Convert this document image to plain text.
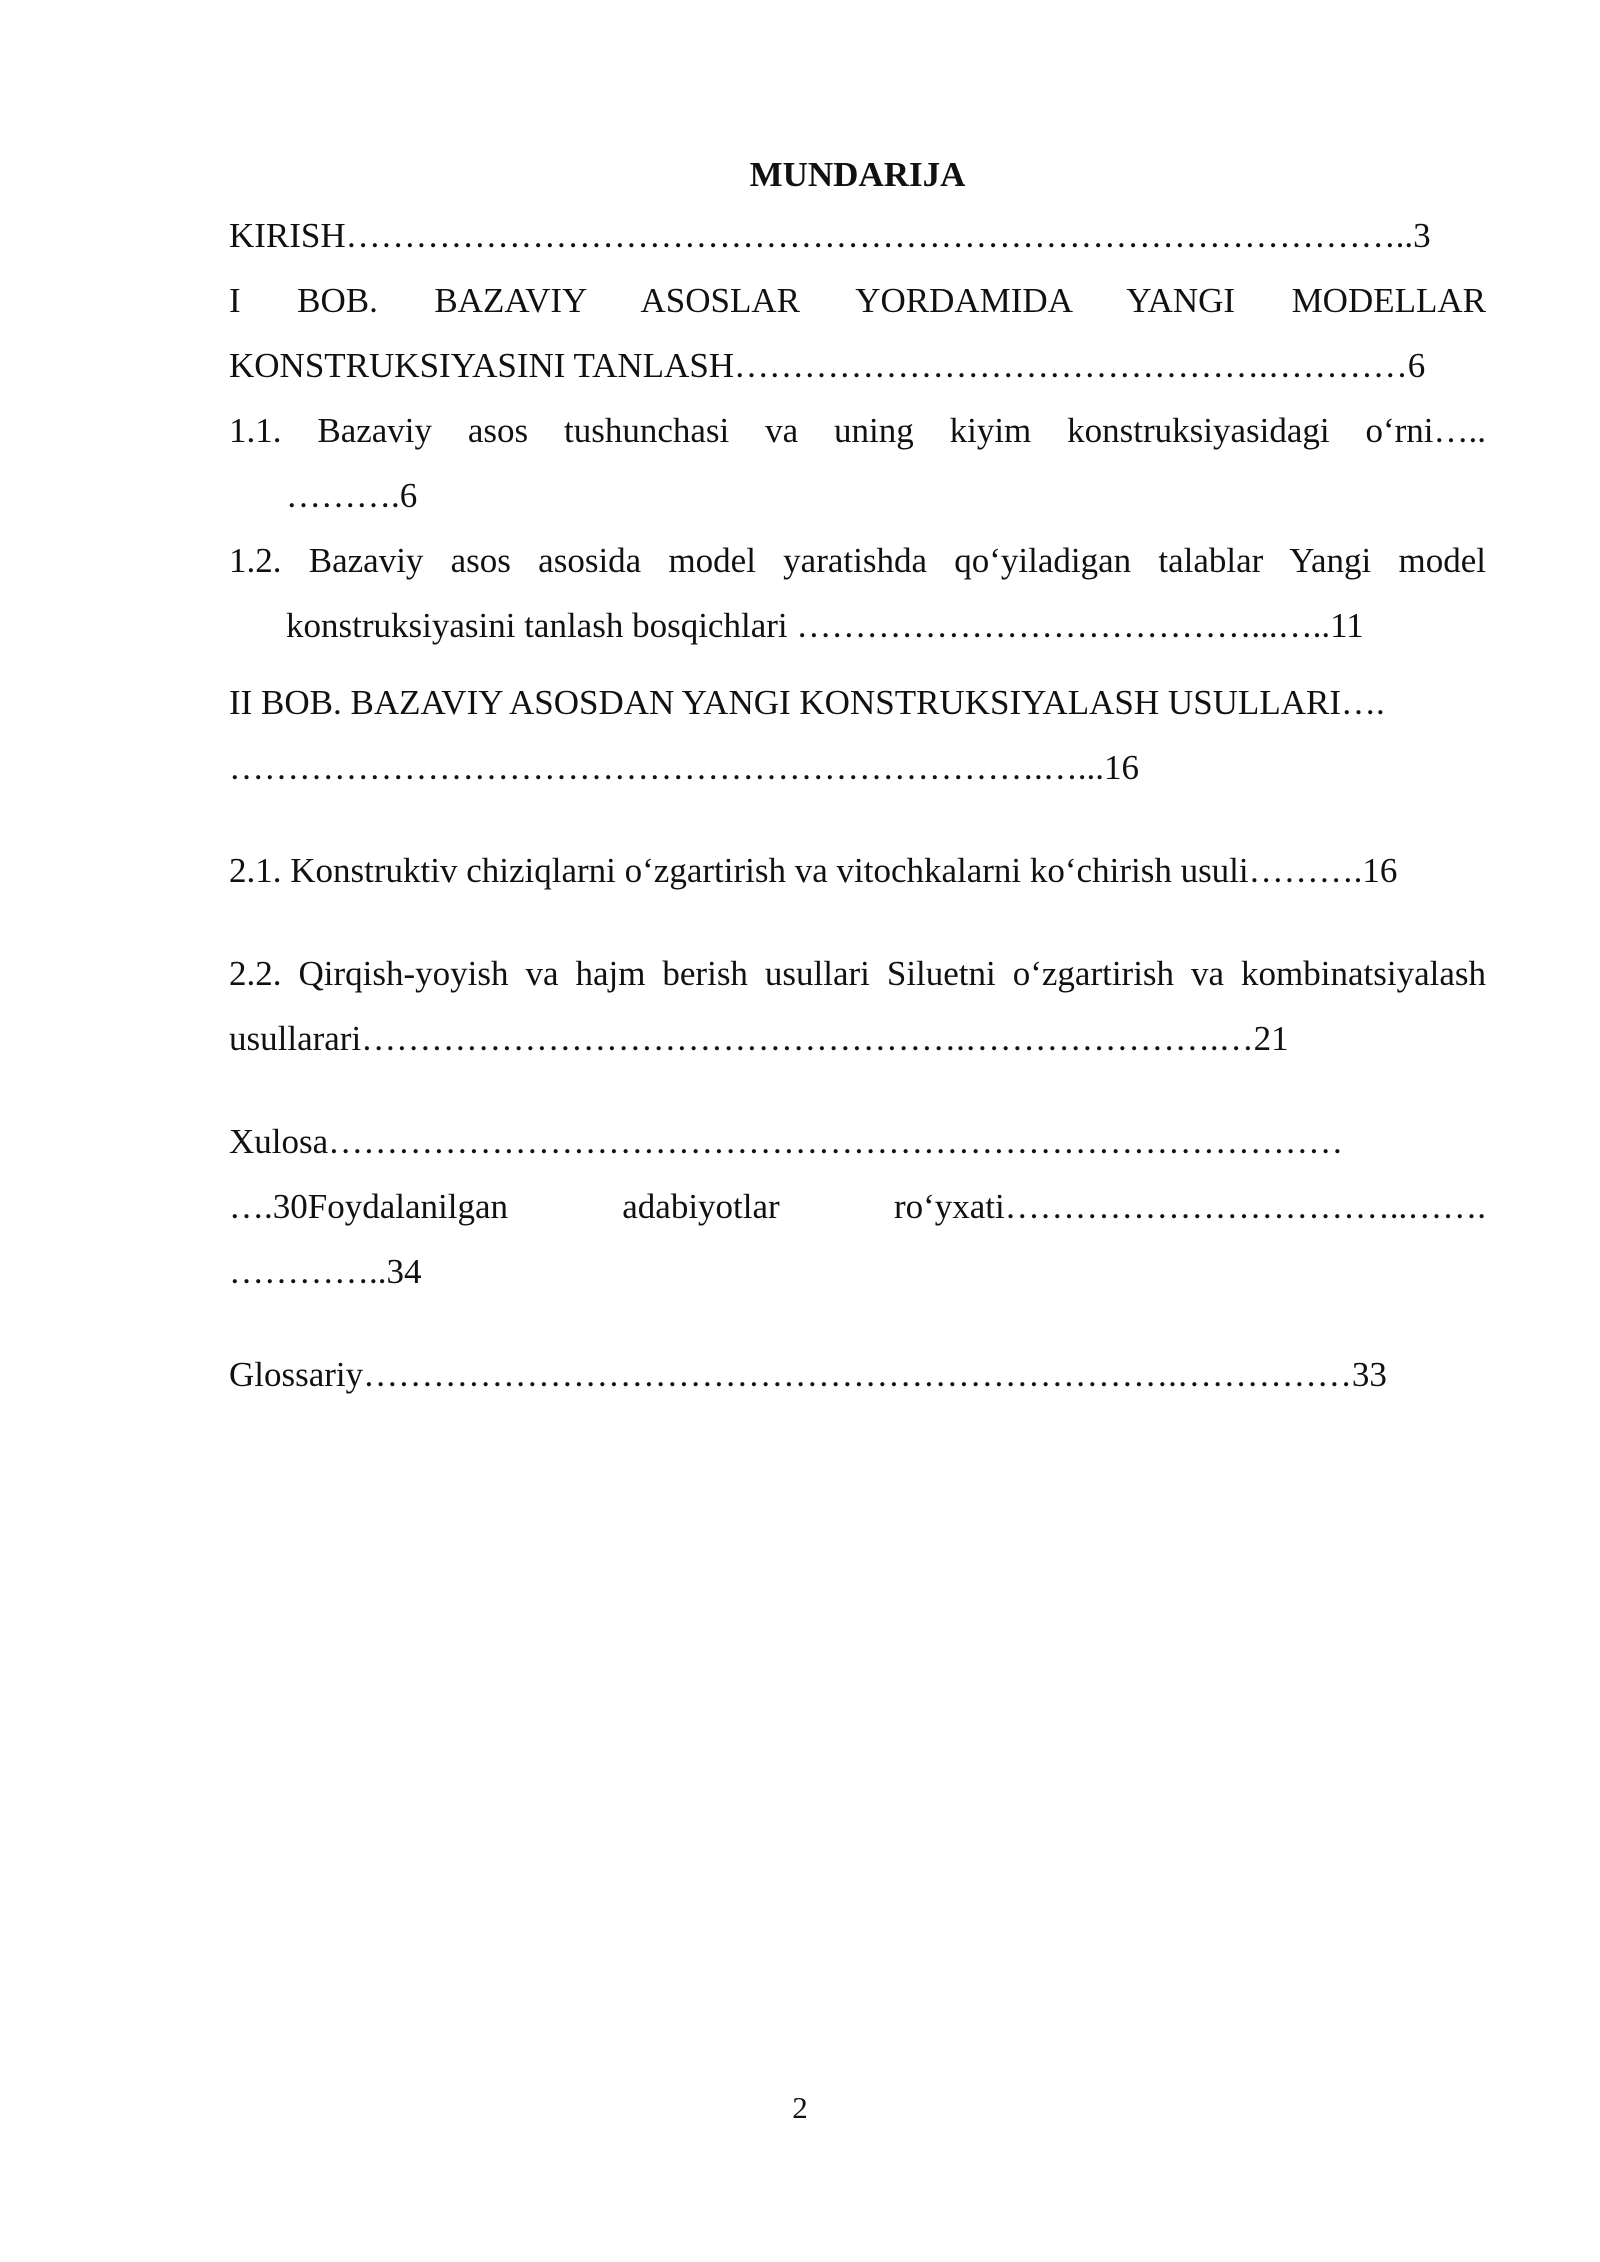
MUNDARIJA

KIRISH………………………………………………………………………………..3

I BOB. BAZAVIY ASOSLAR YORDAMIDA YANGI MODELLAR

KONSTRUKSIYASINI TANLASH……………………………………….…………6

1.1. Bazaviy asos tushunchasi va uning kiyim konstruksiyasidagi o‘rni…..

……….6

1.2. Bazaviy asos asosida model yaratishda qo‘yiladigan talablar Yangi model

konstruksiyasini tanlash bosqichlari …………………………………...…..11

II BOB. BAZAVIY ASOSDAN YANGI KONSTRUKSIYALASH USULLARI….

…………………………………………………………….…...16

2.1. Konstruktiv chiziqlarni o‘zgartirish va vitochkalarni ko‘chirish usuli……….16

2.2. Qirqish-yoyish va hajm berish usullari Siluetni o‘zgartirish va kombinatsiyalash

usullarari…………………………………………….………………….…21

Xulosa……………………………………………………………………………

….30Foydalanilgan adabiyotlar ro‘yxati……………………………..…….

…………..34

Glossariy…………………………………………………………….……………33

2
